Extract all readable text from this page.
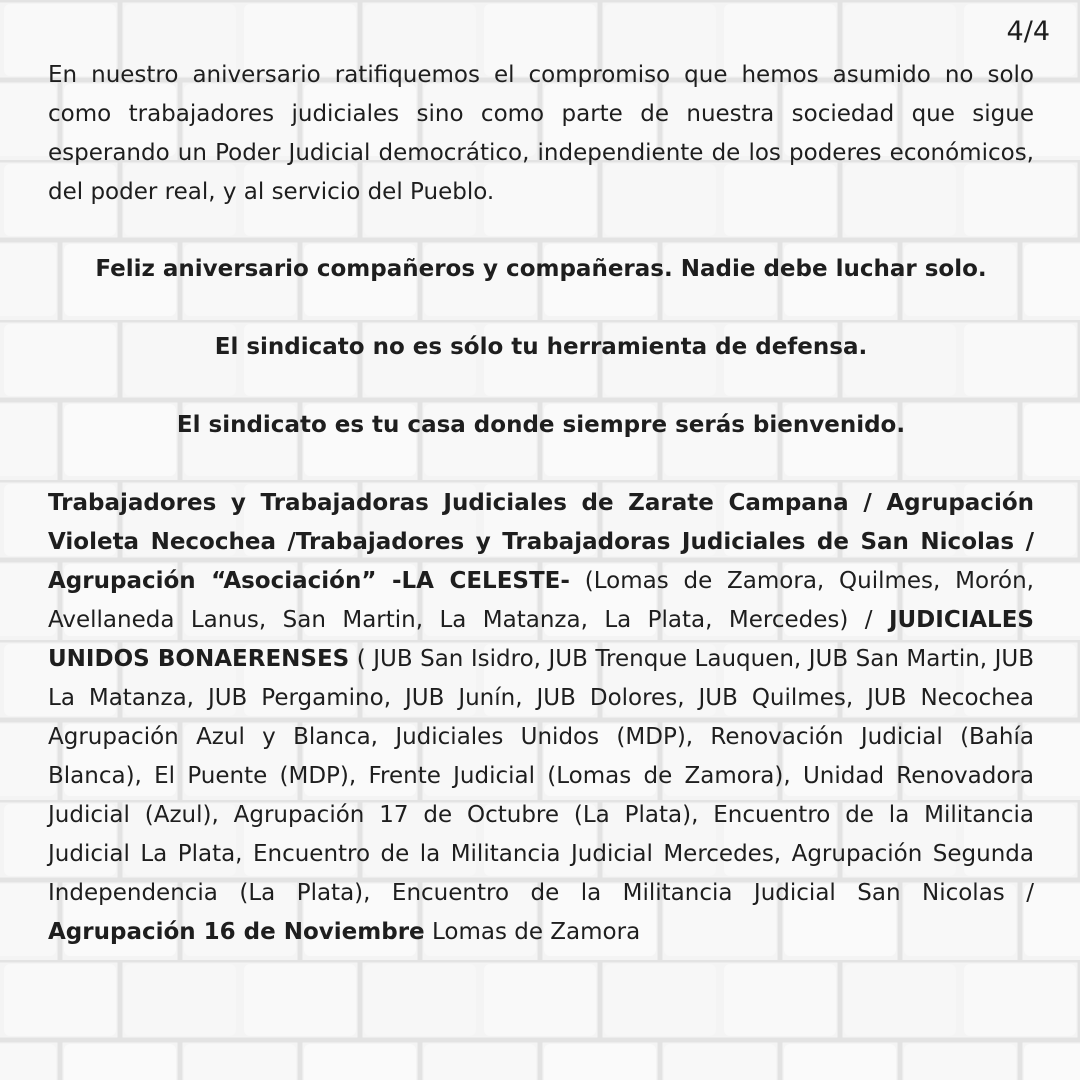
4/4

En nuestro aniversario ratifiquemos el compromiso que hemos asumido no solo como trabajadores judiciales sino como parte de nuestra sociedad que sigue esperando un Poder Judicial democrático, independiente de los poderes económicos, del poder real, y al servicio del Pueblo.

Feliz aniversario compañeros y compañeras. Nadie debe luchar solo.

El sindicato no es sólo tu herramienta de defensa.

El sindicato es tu casa donde siempre serás bienvenido.

Trabajadores y Trabajadoras Judiciales de Zarate Campana / Agrupación Violeta Necochea /Trabajadores y Trabajadoras Judiciales de San Nicolas / Agrupación “Asociación” -LA CELESTE- (Lomas de Zamora, Quilmes, Morón, Avellaneda Lanus, San Martin, La Matanza, La Plata, Mercedes) / JUDICIALES UNIDOS BONAERENSES ( JUB San Isidro, JUB Trenque Lauquen, JUB San Martin, JUB La Matanza, JUB Pergamino, JUB Junín, JUB Dolores, JUB Quilmes, JUB Necochea Agrupación Azul y Blanca, Judiciales Unidos (MDP), Renovación Judicial (Bahía Blanca), El Puente (MDP), Frente Judicial (Lomas de Zamora), Unidad Renovadora Judicial (Azul), Agrupación 17 de Octubre (La Plata), Encuentro de la Militancia Judicial La Plata, Encuentro de la Militancia Judicial Mercedes, Agrupación Segunda Independencia (La Plata), Encuentro de la Militancia Judicial San Nicolas / Agrupación 16 de Noviembre Lomas de Zamora
